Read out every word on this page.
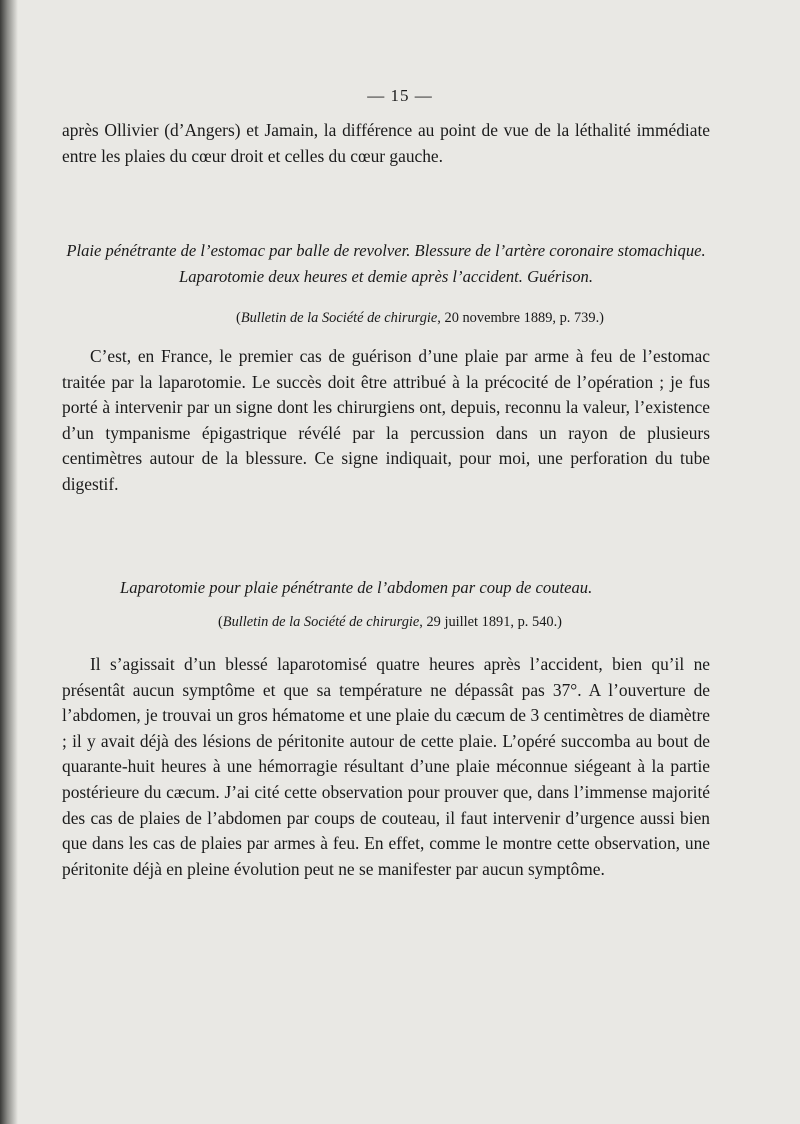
— 15 —
après Ollivier (d’Angers) et Jamain, la différence au point de vue de la léthalité immédiate entre les plaies du cœur droit et celles du cœur gauche.
Plaie pénétrante de l’estomac par balle de revolver. Blessure de l’artère coronaire stomachique. Laparotomie deux heures et demie après l’accident. Guérison.
(Bulletin de la Société de chirurgie, 20 novembre 1889, p. 739.)
C’est, en France, le premier cas de guérison d’une plaie par arme à feu de l’estomac traitée par la laparotomie. Le succès doit être attribué à la précocité de l’opération ; je fus porté à intervenir par un signe dont les chirurgiens ont, depuis, reconnu la valeur, l’existence d’un tympanisme épigastrique révélé par la percussion dans un rayon de plusieurs centimètres autour de la blessure. Ce signe indiquait, pour moi, une perforation du tube digestif.
Laparotomie pour plaie pénétrante de l’abdomen par coup de couteau.
(Bulletin de la Société de chirurgie, 29 juillet 1891, p. 540.)
Il s’agissait d’un blessé laparotomisé quatre heures après l’accident, bien qu’il ne présentât aucun symptôme et que sa température ne dépassât pas 37°. A l’ouverture de l’abdomen, je trouvai un gros hématome et une plaie du cæcum de 3 centimètres de diamètre ; il y avait déjà des lésions de péritonite autour de cette plaie. L’opéré succomba au bout de quarante-huit heures à une hémorragie résultant d’une plaie méconnue siégeant à la partie postérieure du cæcum. J’ai cité cette observation pour prouver que, dans l’immense majorité des cas de plaies de l’abdomen par coups de couteau, il faut intervenir d’urgence aussi bien que dans les cas de plaies par armes à feu. En effet, comme le montre cette observation, une péritonite déjà en pleine évolution peut ne se manifester par aucun symptôme.
